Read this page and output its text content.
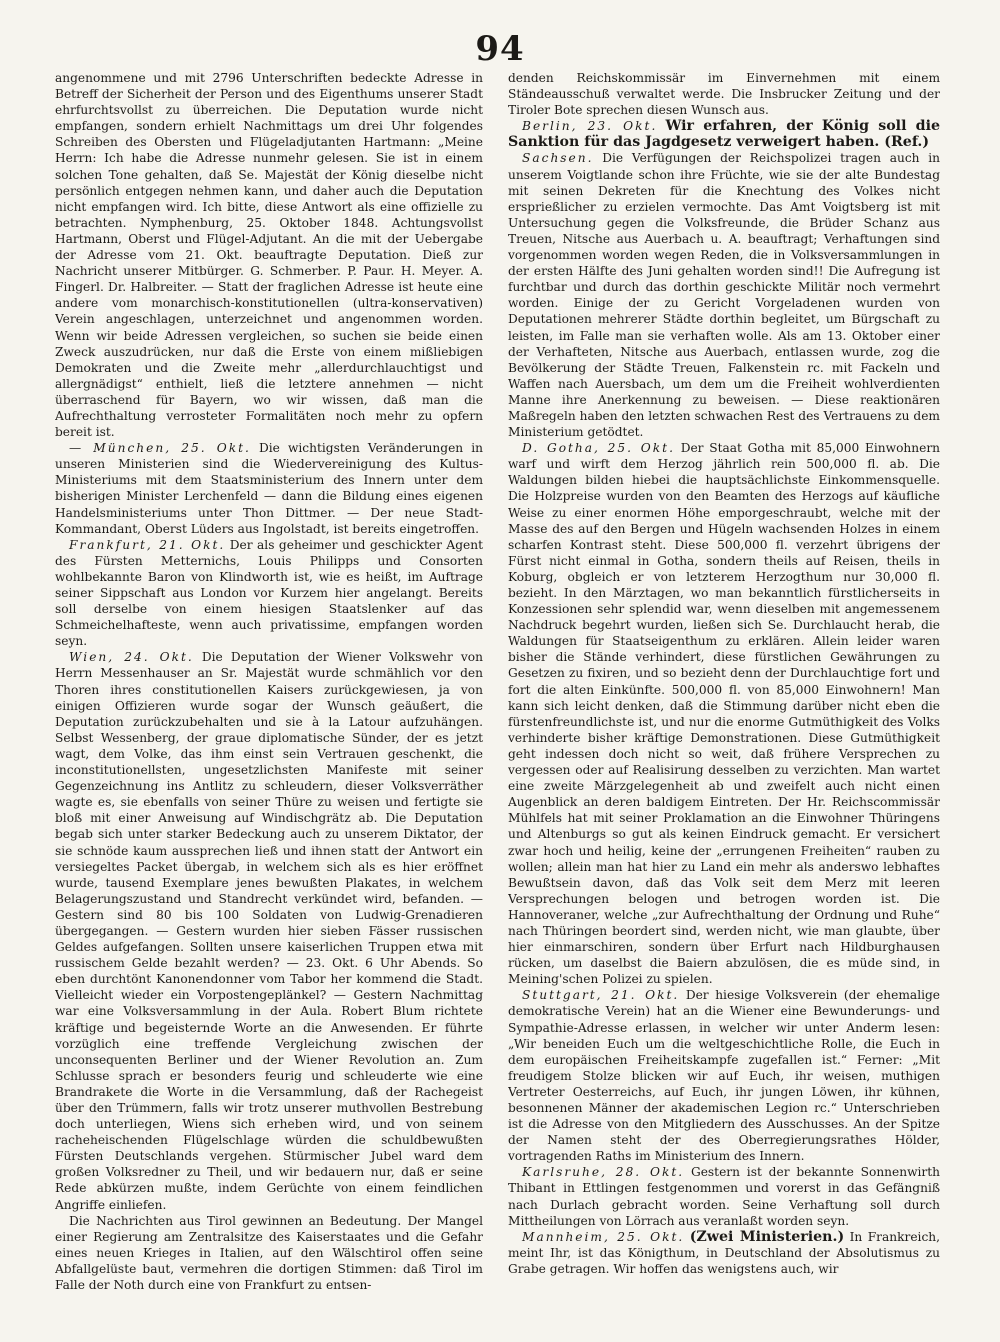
94

angenommene und mit 2796 Unterschriften bedeckte Adresse in Betreff der Sicherheit der Person und des Eigenthums unserer Stadt ehrfurchtsvollst zu überreichen. Die Deputation wurde nicht empfangen, sondern erhielt Nachmittags um drei Uhr folgendes Schreiben des Obersten und Flügeladjutanten Hartmann: „Meine Herrn: Ich habe die Adresse nunmehr gelesen. Sie ist in einem solchen Tone gehalten, daß Se. Majestät der König dieselbe nicht persönlich entgegen nehmen kann, und daher auch die Deputation nicht empfangen wird. Ich bitte, diese Antwort als eine offizielle zu betrachten. Nymphenburg, 25. Oktober 1848. Achtungsvollst Hartmann, Oberst und Flügel-Adjutant. An die mit der Uebergabe der Adresse vom 21. Okt. beauftragte Deputation. Dieß zur Nachricht unserer Mitbürger. G. Schmerber. P. Paur. H. Meyer. A. Fingerl. Dr. Halbreiter. — Statt der fraglichen Adresse ist heute eine andere vom monarchisch-konstitutionellen (ultra-konservativen) Verein angeschlagen, unterzeichnet und angenommen worden. Wenn wir beide Adressen vergleichen, so suchen sie beide einen Zweck auszudrücken, nur daß die Erste von einem mißliebigen Demokraten und die Zweite mehr „allerdurchlauchtigst und allergnädigst“ enthielt, ließ die letztere annehmen — nicht überraschend für Bayern, wo wir wissen, daß man die Aufrechthaltung verrosteter Formalitäten noch mehr zu opfern bereit ist.

— München, 25. Okt. Die wichtigsten Veränderungen in unseren Ministerien sind die Wiedervereinigung des Kultus-Ministeriums mit dem Staatsministerium des Innern unter dem bisherigen Minister Lerchenfeld — dann die Bildung eines eigenen Handelsministeriums unter Thon Dittmer. — Der neue Stadt-Kommandant, Oberst Lüders aus Ingolstadt, ist bereits eingetroffen.

Frankfurt, 21. Okt. Der als geheimer und geschickter Agent des Fürsten Metternichs, Louis Philipps und Consorten wohlbekannte Baron von Klindworth ist, wie es heißt, im Auftrage seiner Sippschaft aus London vor Kurzem hier angelangt. Bereits soll derselbe von einem hiesigen Staatslenker auf das Schmeichelhafteste, wenn auch privatissime, empfangen worden seyn.

Wien, 24. Okt. Die Deputation der Wiener Volkswehr von Herrn Messenhauser an Sr. Majestät wurde schmählich vor den Thoren ihres constitutionellen Kaisers zurückgewiesen, ja von einigen Offizieren wurde sogar der Wunsch geäußert, die Deputation zurückzubehalten und sie à la Latour aufzuhängen. Selbst Wessenberg, der graue diplomatische Sünder, der es jetzt wagt, dem Volke, das ihm einst sein Vertrauen geschenkt, die inconstitutionellsten, ungesetzlichsten Manifeste mit seiner Gegenzeichnung ins Antlitz zu schleudern, dieser Volksverräther wagte es, sie ebenfalls von seiner Thüre zu weisen und fertigte sie bloß mit einer Anweisung auf Windischgrätz ab. Die Deputation begab sich unter starker Bedeckung auch zu unserem Diktator, der sie schnöde kaum aussprechen ließ und ihnen statt der Antwort ein versiegeltes Packet übergab, in welchem sich als es hier eröffnet wurde, tausend Exemplare jenes bewußten Plakates, in welchem Belagerungszustand und Standrecht verkündet wird, befanden. — Gestern sind 80 bis 100 Soldaten von Ludwig-Grenadieren übergegangen. — Gestern wurden hier sieben Fässer russischen Geldes aufgefangen. Sollten unsere kaiserlichen Truppen etwa mit russischem Gelde bezahlt werden? — 23. Okt. 6 Uhr Abends. So eben durchtönt Kanonendonner vom Tabor her kommend die Stadt. Vielleicht wieder ein Vorpostengeplänkel? — Gestern Nachmittag war eine Volksversammlung in der Aula. Robert Blum richtete kräftige und begeisternde Worte an die Anwesenden. Er führte vorzüglich eine treffende Vergleichung zwischen der unconsequenten Berliner und der Wiener Revolution an. Zum Schlusse sprach er besonders feurig und schleuderte wie eine Brandrakete die Worte in die Versammlung, daß der Rachegeist über den Trümmern, falls wir trotz unserer muthvollen Bestrebung doch unterliegen, Wiens sich erheben wird, und von seinem racheheischenden Flügelschlage würden die schuldbewußten Fürsten Deutschlands vergehen. Stürmischer Jubel ward dem großen Volksredner zu Theil, und wir bedauern nur, daß er seine Rede abkürzen mußte, indem Gerüchte von einem feindlichen Angriffe einliefen.

Die Nachrichten aus Tirol gewinnen an Bedeutung. Der Mangel einer Regierung am Zentralsitze des Kaiserstaates und die Gefahr eines neuen Krieges in Italien, auf den Wälschtirol offen seine Abfallgelüste baut, vermehren die dortigen Stimmen: daß Tirol im Falle der Noth durch eine von Frankfurt zu entsen-

denden Reichskommissär im Einvernehmen mit einem Ständeausschuß verwaltet werde. Die Insbrucker Zeitung und der Tiroler Bote sprechen diesen Wunsch aus.

Berlin, 23. Okt. Wir erfahren, der König soll die Sanktion für das Jagdgesetz verweigert haben. (Ref.)

Sachsen. Die Verfügungen der Reichspolizei tragen auch in unserem Voigtlande schon ihre Früchte, wie sie der alte Bundestag mit seinen Dekreten für die Knechtung des Volkes nicht ersprießlicher zu erzielen vermochte. Das Amt Voigtsberg ist mit Untersuchung gegen die Volksfreunde, die Brüder Schanz aus Treuen, Nitsche aus Auerbach u. A. beauftragt; Verhaftungen sind vorgenommen worden wegen Reden, die in Volksversammlungen in der ersten Hälfte des Juni gehalten worden sind!! Die Aufregung ist furchtbar und durch das dorthin geschickte Militär noch vermehrt worden. Einige der zu Gericht Vorgeladenen wurden von Deputationen mehrerer Städte dorthin begleitet, um Bürgschaft zu leisten, im Falle man sie verhaften wolle. Als am 13. Oktober einer der Verhafteten, Nitsche aus Auerbach, entlassen wurde, zog die Bevölkerung der Städte Treuen, Falkenstein rc. mit Fackeln und Waffen nach Auersbach, um dem um die Freiheit wohlverdienten Manne ihre Anerkennung zu beweisen. — Diese reaktionären Maßregeln haben den letzten schwachen Rest des Vertrauens zu dem Ministerium getödtet.

D. Gotha, 25. Okt. Der Staat Gotha mit 85,000 Einwohnern warf und wirft dem Herzog jährlich rein 500,000 fl. ab. Die Waldungen bilden hiebei die hauptsächlichste Einkommensquelle. Die Holzpreise wurden von den Beamten des Herzogs auf käufliche Weise zu einer enormen Höhe emporgeschraubt, welche mit der Masse des auf den Bergen und Hügeln wachsenden Holzes in einem scharfen Kontrast steht. Diese 500,000 fl. verzehrt übrigens der Fürst nicht einmal in Gotha, sondern theils auf Reisen, theils in Koburg, obgleich er von letzterem Herzogthum nur 30,000 fl. bezieht. In den Märztagen, wo man bekanntlich fürstlicherseits in Konzessionen sehr splendid war, wenn dieselben mit angemessenem Nachdruck begehrt wurden, ließen sich Se. Durchlaucht herab, die Waldungen für Staatseigenthum zu erklären. Allein leider waren bisher die Stände verhindert, diese fürstlichen Gewährungen zu Gesetzen zu fixiren, und so bezieht denn der Durchlauchtige fort und fort die alten Einkünfte. 500,000 fl. von 85,000 Einwohnern! Man kann sich leicht denken, daß die Stimmung darüber nicht eben die fürstenfreundlichste ist, und nur die enorme Gutmüthigkeit des Volks verhinderte bisher kräftige Demonstrationen. Diese Gutmüthigkeit geht indessen doch nicht so weit, daß frühere Versprechen zu vergessen oder auf Realisirung desselben zu verzichten. Man wartet eine zweite Märzgelegenheit ab und zweifelt auch nicht einen Augenblick an deren baldigem Eintreten. Der Hr. Reichscommissär Mühlfels hat mit seiner Proklamation an die Einwohner Thüringens und Altenburgs so gut als keinen Eindruck gemacht. Er versichert zwar hoch und heilig, keine der „errungenen Freiheiten“ rauben zu wollen; allein man hat hier zu Land ein mehr als anderswo lebhaftes Bewußtsein davon, daß das Volk seit dem Merz mit leeren Versprechungen belogen und betrogen worden ist. Die Hannoveraner, welche „zur Aufrechthaltung der Ordnung und Ruhe“ nach Thüringen beordert sind, werden nicht, wie man glaubte, über hier einmarschiren, sondern über Erfurt nach Hildburghausen rücken, um daselbst die Baiern abzulösen, die es müde sind, in Meining'schen Polizei zu spielen.

Stuttgart, 21. Okt. Der hiesige Volksverein (der ehemalige demokratische Verein) hat an die Wiener eine Bewunderungs- und Sympathie-Adresse erlassen, in welcher wir unter Anderm lesen: „Wir beneiden Euch um die weltgeschichtliche Rolle, die Euch in dem europäischen Freiheitskampfe zugefallen ist.“ Ferner: „Mit freudigem Stolze blicken wir auf Euch, ihr weisen, muthigen Vertreter Oesterreichs, auf Euch, ihr jungen Löwen, ihr kühnen, besonnenen Männer der akademischen Legion rc.“ Unterschrieben ist die Adresse von den Mitgliedern des Ausschusses. An der Spitze der Namen steht der des Oberregierungsrathes Hölder, vortragenden Raths im Ministerium des Innern.

Karlsruhe, 28. Okt. Gestern ist der bekannte Sonnenwirth Thibant in Ettlingen festgenommen und vorerst in das Gefängniß nach Durlach gebracht worden. Seine Verhaftung soll durch Mittheilungen von Lörrach aus veranlaßt worden seyn.

Mannheim, 25. Okt. (Zwei Ministerien.) In Frankreich, meint Ihr, ist das Königthum, in Deutschland der Absolutismus zu Grabe getragen. Wir hoffen das wenigstens auch, wir
